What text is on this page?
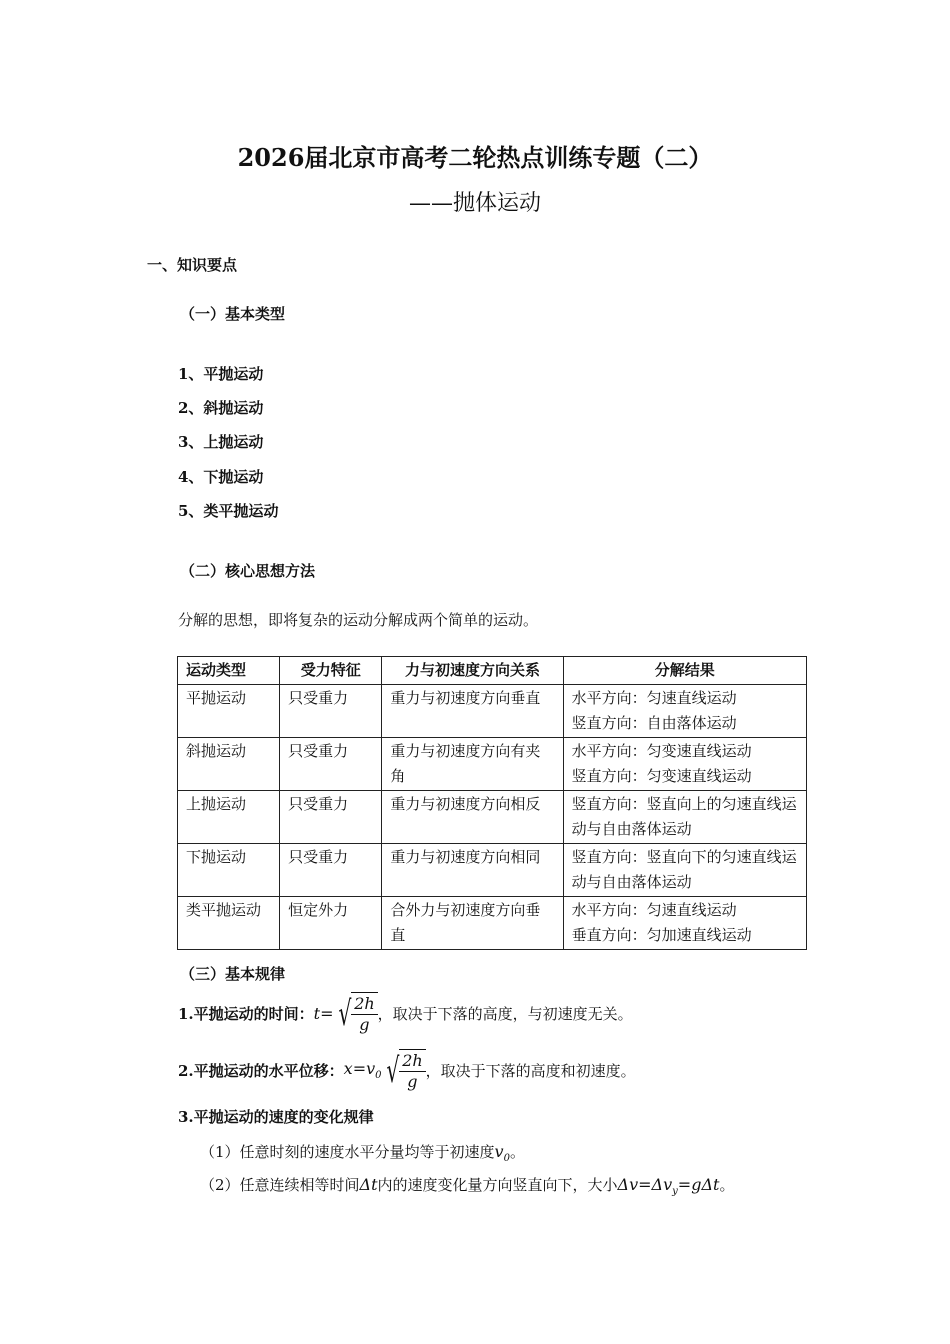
2026届北京市高考二轮热点训练专题（二）
——抛体运动
一、知识要点
（一）基本类型
1、平抛运动
2、斜抛运动
3、上抛运动
4、下抛运动
5、类平抛运动
（二）核心思想方法
分解的思想，即将复杂的运动分解成两个简单的运动。
运动类型	受力特征	力与初速度方向关系	分解结果
平抛运动	只受重力	重力与初速度方向垂直	水平方向：匀速直线运动
竖直方向：自由落体运动

斜抛运动	只受重力	重力与初速度方向有夹角	水平方向：匀变速直线运动
竖直方向：匀变速直线运动

上抛运动	只受重力	重力与初速度方向相反	竖直方向：竖直向上的匀速直线运动与自由落体运动
下抛运动	只受重力	重力与初速度方向相同	竖直方向：竖直向下的匀速直线运动与自由落体运动
类平抛运动	恒定外力	合外力与初速度方向垂直	水平方向：匀速直线运动
垂直方向：匀加速直线运动
（三）基本规律
1.平抛运动的时间： t= √ $\frac{2h}{g}$ ，取决于下落的高度，与初速度无关。
2.平抛运动的水平位移： $x=v_0$ √ $\frac{2h}{g}$ ，取决于下落的高度和初速度。
3.平抛运动的速度的变化规律
（1）任意时刻的速度水平分量均等于初速度$v_0$。
（2）任意连续相等时间Δt内的速度变化量方向竖直向下，大小$\Delta v=\Delta v_y=g\Delta t$。
